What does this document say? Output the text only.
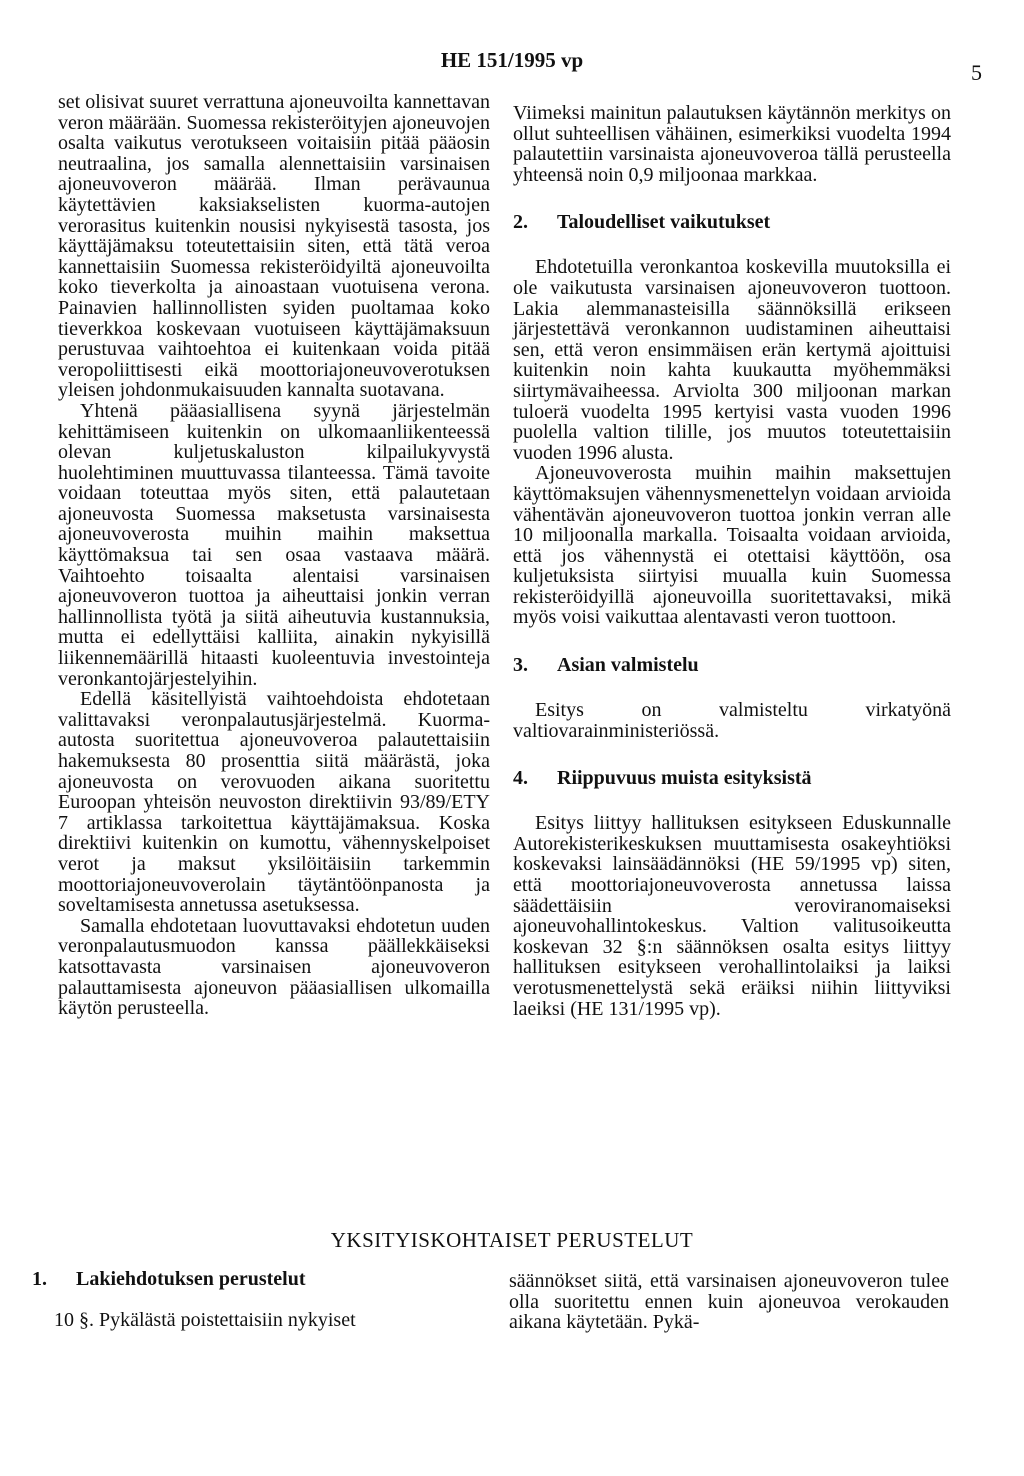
HE 151/1995 vp	5

set olisivat suuret verrattuna ajoneuvoilta kannettavan veron määrään. Suomessa rekisteröityjen ajoneuvojen osalta vaikutus verotukseen voitaisiin pitää pääosin neutraalina, jos samalla alennettaisiin varsinaisen ajoneuvoveron määrää. Ilman perävaunua käytettävien kaksiakselisten kuorma-autojen verorasitus kuitenkin nousisi nykyisestä tasosta, jos käyttäjämaksu toteutettaisiin siten, että tätä veroa kannettaisiin Suomessa rekisteröidyiltä ajoneuvoilta koko tieverkolta ja ainoastaan vuotuisena verona. Painavien hallinnollisten syiden puoltamaa koko tieverkkoa koskevaan vuotuiseen käyttäjämaksuun perustuvaa vaihtoehtoa ei kuitenkaan voida pitää veropoliittisesti eikä moottoriajoneuvoverotuksen yleisen johdonmukaisuuden kannalta suotavana.

Yhtenä pääasiallisena syynä järjestelmän kehittämiseen kuitenkin on ulkomaanliikenteessä olevan kuljetuskaluston kilpailukyvystä huolehtiminen muuttuvassa tilanteessa. Tämä tavoite voidaan toteuttaa myös siten, että palautetaan ajoneuvosta Suomessa maksetusta varsinaisesta ajoneuvoverosta muihin maihin maksettua käyttömaksua tai sen osaa vastaava määrä. Vaihtoehto toisaalta alentaisi varsinaisen ajoneuvoveron tuottoa ja aiheuttaisi jonkin verran hallinnollista työtä ja siitä aiheutuvia kustannuksia, mutta ei edellyttäisi kalliita, ainakin nykyisillä liikennemäärillä hitaasti kuoleentuvia investointeja veronkantojärjestelyihin.

Edellä käsitellyistä vaihtoehdoista ehdotetaan valittavaksi veronpalautusjärjestelmä. Kuorma-autosta suoritettua ajoneuvoveroa palautettaisiin hakemuksesta 80 prosenttia siitä määrästä, joka ajoneuvosta on verovuoden aikana suoritettu Euroopan yhteisön neuvoston direktiivin 93/89/ETY 7 artiklassa tarkoitettua käyttäjämaksua. Koska direktiivi kuitenkin on kumottu, vähennyskelpoiset verot ja maksut yksilöitäisiin tarkemmin moottoriajoneuvoverolain täytäntöönpanosta ja soveltamisesta annetussa asetuksessa.

Samalla ehdotetaan luovuttavaksi ehdotetun uuden veronpalautusmuodon kanssa päällekkäiseksi katsottavasta varsinaisen ajoneuvoveron palauttamisesta ajoneuvon pääasiallisen ulkomailla käytön perusteella.

Viimeksi mainitun palautuksen käytännön merkitys on ollut suhteellisen vähäinen, esimerkiksi vuodelta 1994 palautettiin varsinaista ajoneuvoveroa tällä perusteella yhteensä noin 0,9 miljoonaa markkaa.

2. Taloudelliset vaikutukset

Ehdotetuilla veronkantoa koskevilla muutoksilla ei ole vaikutusta varsinaisen ajoneuvoveron tuottoon. Lakia alemmanasteisilla säännöksillä erikseen järjestettävä veronkannon uudistaminen aiheuttaisi sen, että veron ensimmäisen erän kertymä ajoittuisi kuitenkin noin kahta kuukautta myöhemmäksi siirtymävaiheessa. Arviolta 300 miljoonan markan tuloerä vuodelta 1995 kertyisi vasta vuoden 1996 puolella valtion tilille, jos muutos toteutettaisiin vuoden 1996 alusta.

Ajoneuvoverosta muihin maihin maksettujen käyttömaksujen vähennysmenettelyn voidaan arvioida vähentävän ajoneuvoveron tuottoa jonkin verran alle 10 miljoonalla markalla. Toisaalta voidaan arvioida, että jos vähennystä ei otettaisi käyttöön, osa kuljetuksista siirtyisi muualla kuin Suomessa rekisteröidyillä ajoneuvoilla suoritettavaksi, mikä myös voisi vaikuttaa alentavasti veron tuottoon.

3. Asian valmistelu

Esitys on valmisteltu virkatyönä valtiovarainministeriössä.

4. Riippuvuus muista esityksistä

Esitys liittyy hallituksen esitykseen Eduskunnalle Autorekisterikeskuksen muuttamisesta osakeyhtiöksi koskevaksi lainsäädännöksi (HE 59/1995 vp) siten, että moottoriajoneuvoverosta annetussa laissa säädettäisiin veroviranomaiseksi ajoneuvohallintokeskus. Valtion valitusoikeutta koskevan 32 §:n säännöksen osalta esitys liittyy hallituksen esitykseen verohallintolaiksi ja laiksi verotusmenettelystä sekä eräiksi niihin liittyviksi laeiksi (HE 131/1995 vp).

YKSITYISKOHTAISET PERUSTELUT
1. Lakiehdotuksen perustelut

10 §. Pykälästä poistettaisiin nykyiset

säännökset siitä, että varsinaisen ajoneuvoveron tulee olla suoritettu ennen kuin ajoneuvoa verokauden aikana käytetään. Pykä-
